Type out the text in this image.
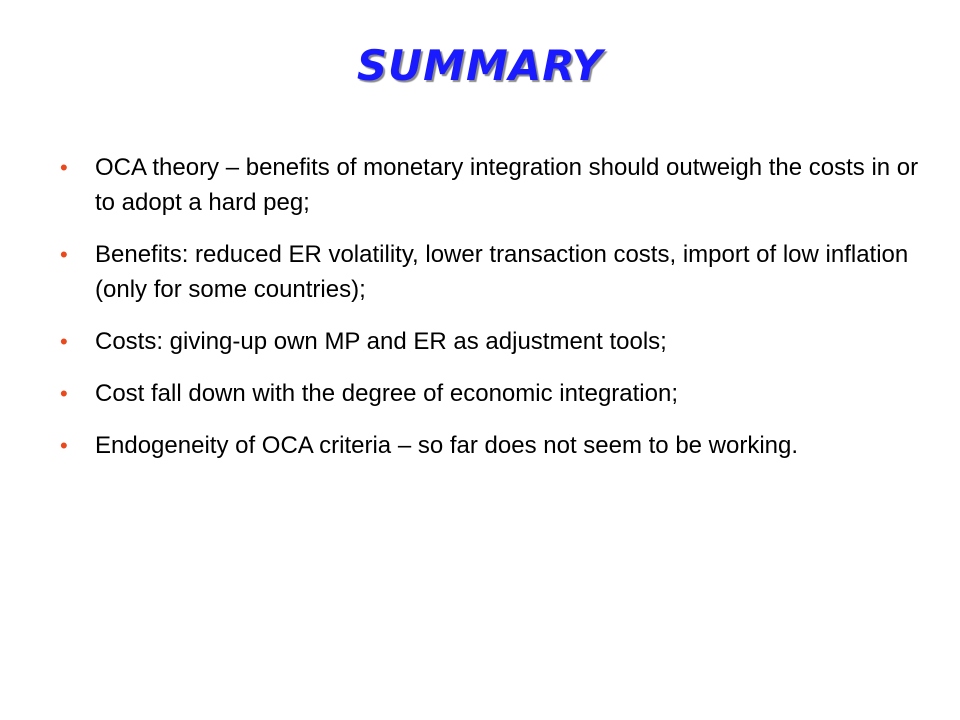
SUMMARY
•	OCA theory – benefits of monetary integration should outweigh the costs in or to adopt a hard peg;
•	Benefits: reduced ER volatility, lower transaction costs, import of low inflation (only for some countries);
•	Costs: giving-up own MP and ER as adjustment tools;
•	Cost fall down with the degree of economic integration;
•	Endogeneity of OCA criteria – so far does not seem to be working.
